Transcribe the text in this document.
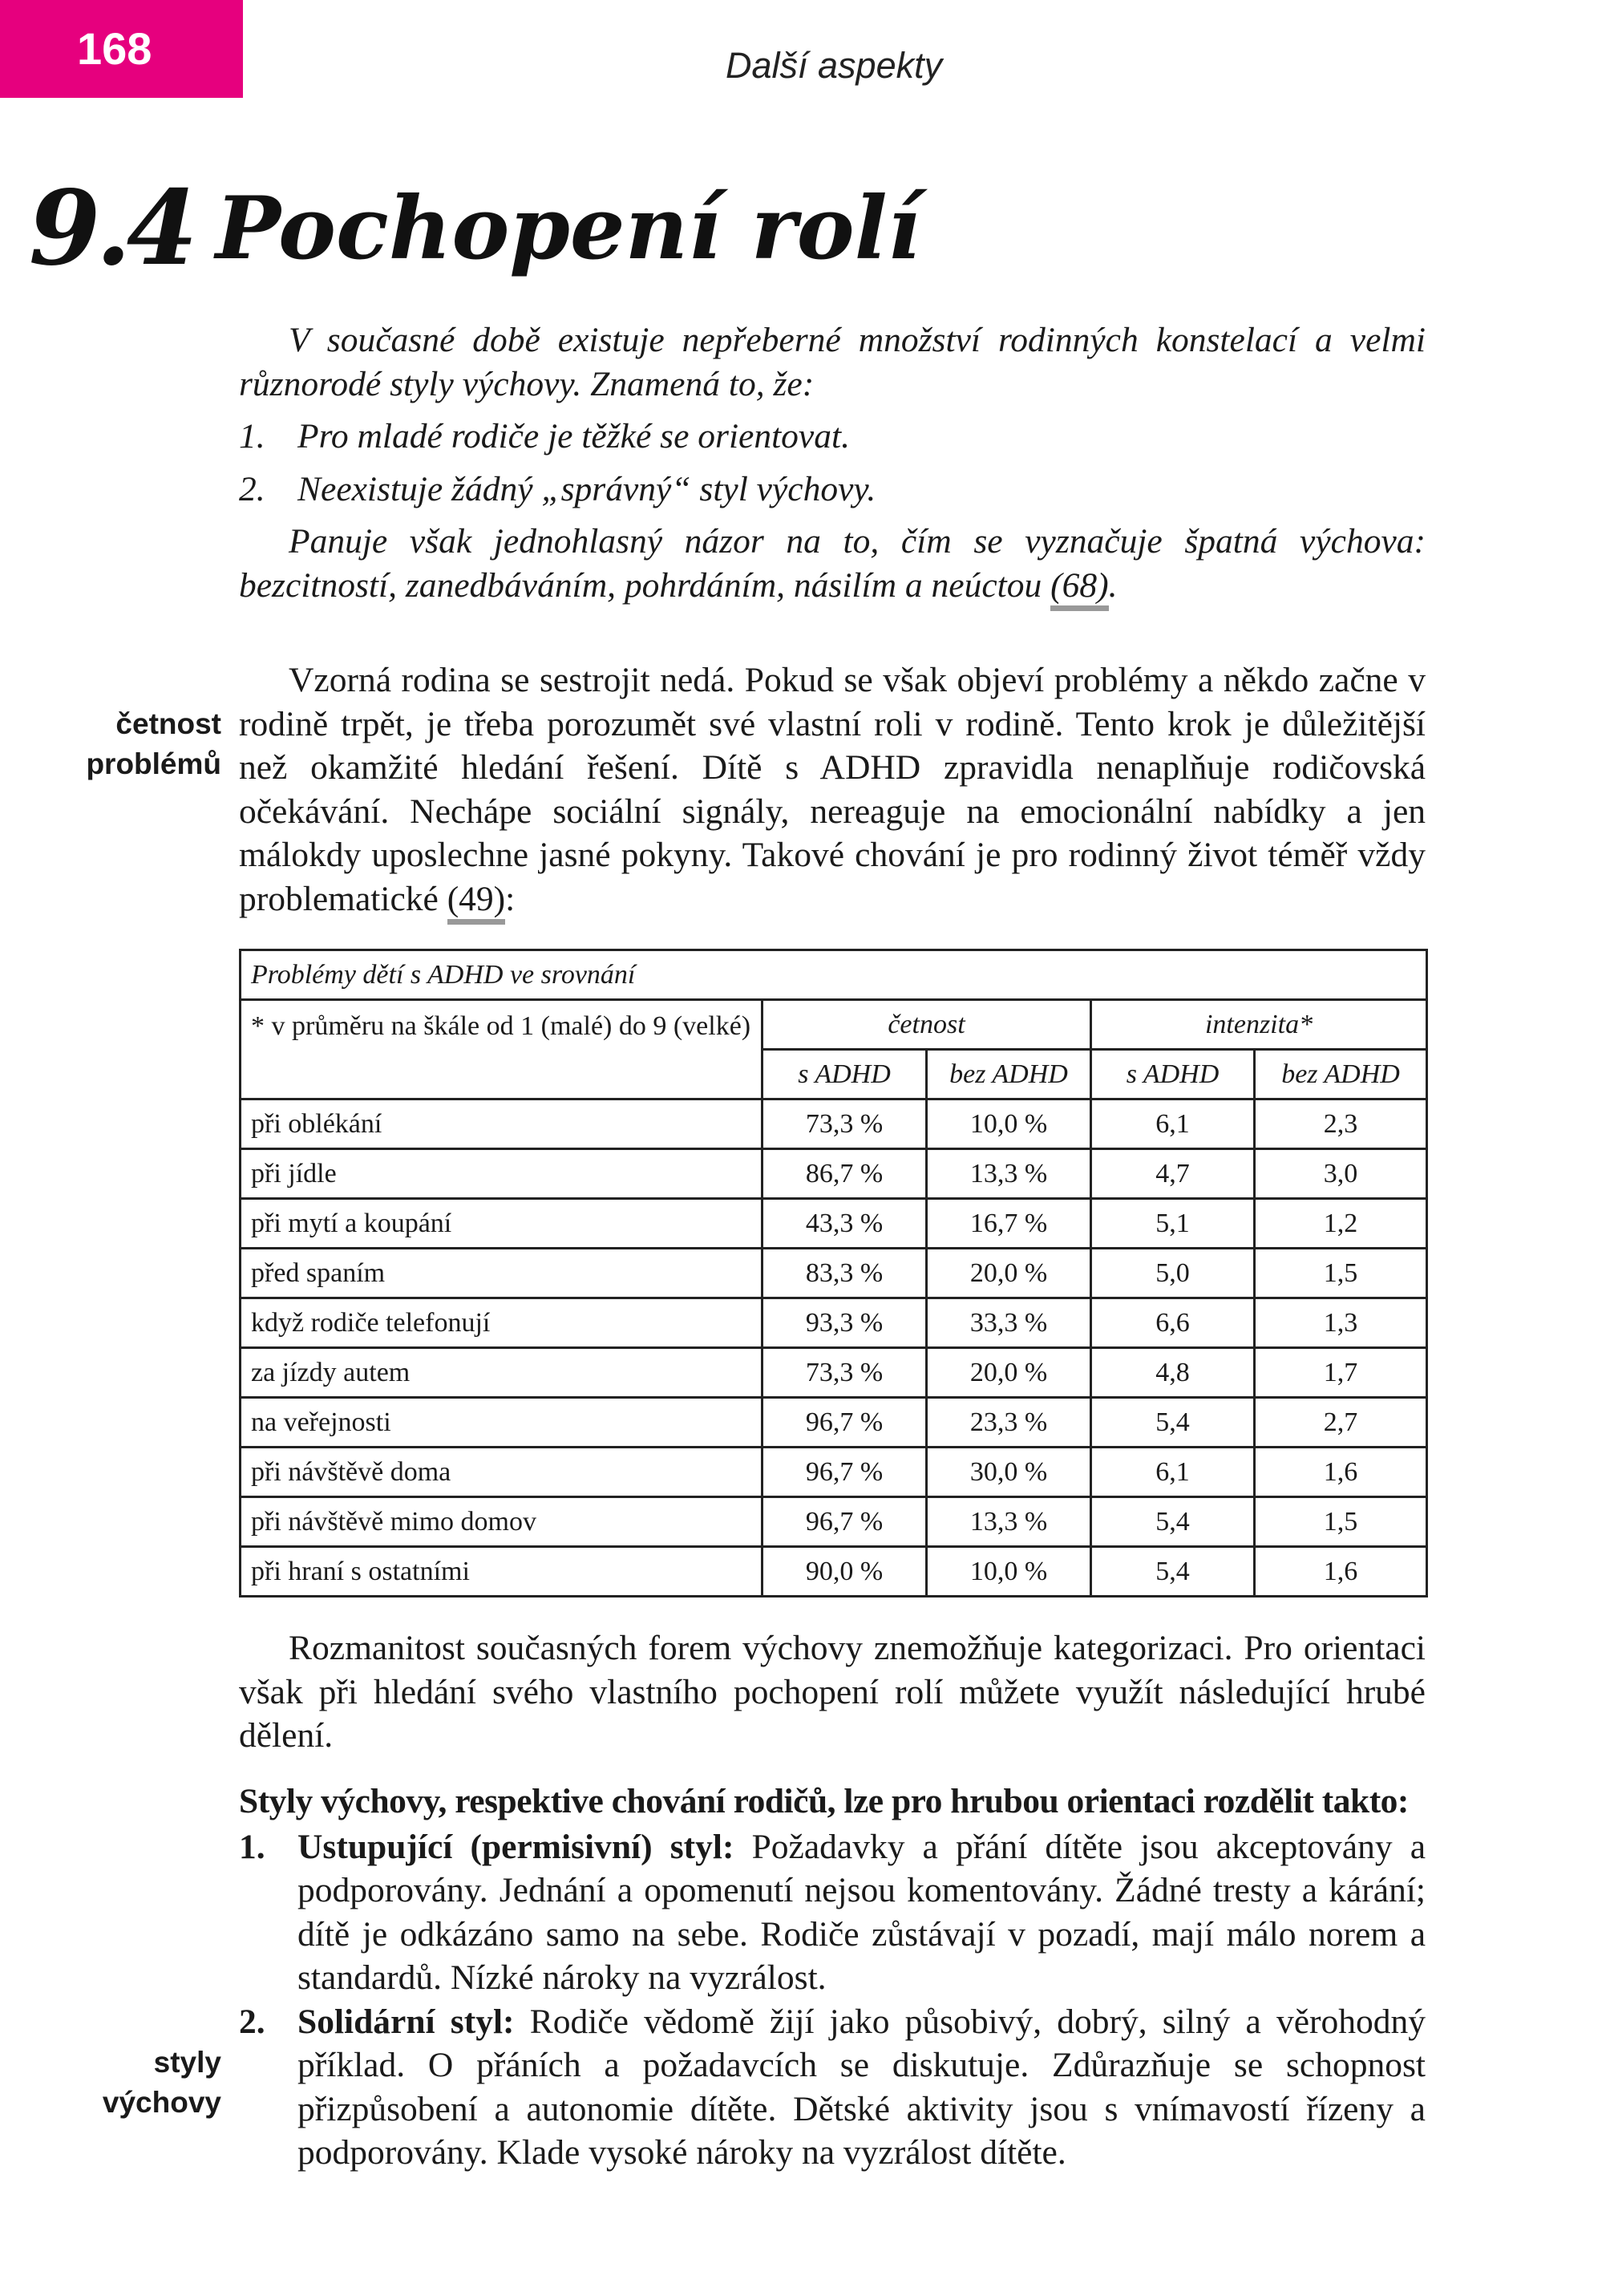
168	Další aspekty
9.4 Pochopení rolí

V současné době existuje nepřeberné množství rodinných konstelací a velmi různorodé styly výchovy. Znamená to, že:

1. Pro mladé rodiče je těžké se orientovat.
2. Neexistuje žádný „správný“ styl výchovy.

Panuje však jednohlasný názor na to, čím se vyznačuje špatná výchova: bezcitností, zanedbáváním, pohrdáním, násilím a neúctou (68).

četnost
problémů

Vzorná rodina se sestrojit nedá. Pokud se však objeví problémy a někdo začne v rodině trpět, je třeba porozumět své vlastní roli v rodině. Tento krok je důležitější než okamžité hledání řešení. Dítě s ADHD zpravidla nenaplňuje rodičovská očekávání. Nechápe sociální signály, nereaguje na emocionální nabídky a jen málokdy uposlechne jasné pokyny. Takové chování je pro rodinný život téměř vždy problematické (49):

Problémy dětí s ADHD ve srovnání				
* v průměru na škále od 1 (malé) do 9 (velké)	četnost		intenzita*	
	s ADHD	bez ADHD	s ADHD	bez ADHD
při oblékání	73,3 %	10,0 %	6,1	2,3
při jídle	86,7 %	13,3 %	4,7	3,0
při mytí a koupání	43,3 %	16,7 %	5,1	1,2
před spaním	83,3 %	20,0 %	5,0	1,5
když rodiče telefonují	93,3 %	33,3 %	6,6	1,3
za jízdy autem	73,3 %	20,0 %	4,8	1,7
na veřejnosti	96,7 %	23,3 %	5,4	2,7
při návštěvě doma	96,7 %	30,0 %	6,1	1,6
při návštěvě mimo domov	96,7 %	13,3 %	5,4	1,5
při hraní s ostatními	90,0 %	10,0 %	5,4	1,6

Rozmanitost současných forem výchovy znemožňuje kategorizaci. Pro orientaci však při hledání svého vlastního pochopení rolí můžete využít následující hrubé dělení.

Styly výchovy, respektive chování rodičů, lze pro hrubou orientaci rozdělit takto:

1. Ustupující (permisivní) styl: Požadavky a přání dítěte jsou akceptovány a podporovány. Jednání a opomenutí nejsou komentovány. Žádné tresty a kárání; dítě je odkázáno samo na sebe. Rodiče zůstávají v pozadí, mají málo norem a standardů. Nízké nároky na vyzrálost.
2. Solidární styl: Rodiče vědomě žijí jako působivý, dobrý, silný a věrohodný příklad. O přáních a požadavcích se diskutuje. Zdůrazňuje se schopnost přizpůsobení a autonomie dítěte. Dětské aktivity jsou s vnímavostí řízeny a podporovány. Klade vysoké nároky na vyzrálost dítěte.
styly
výchovy
